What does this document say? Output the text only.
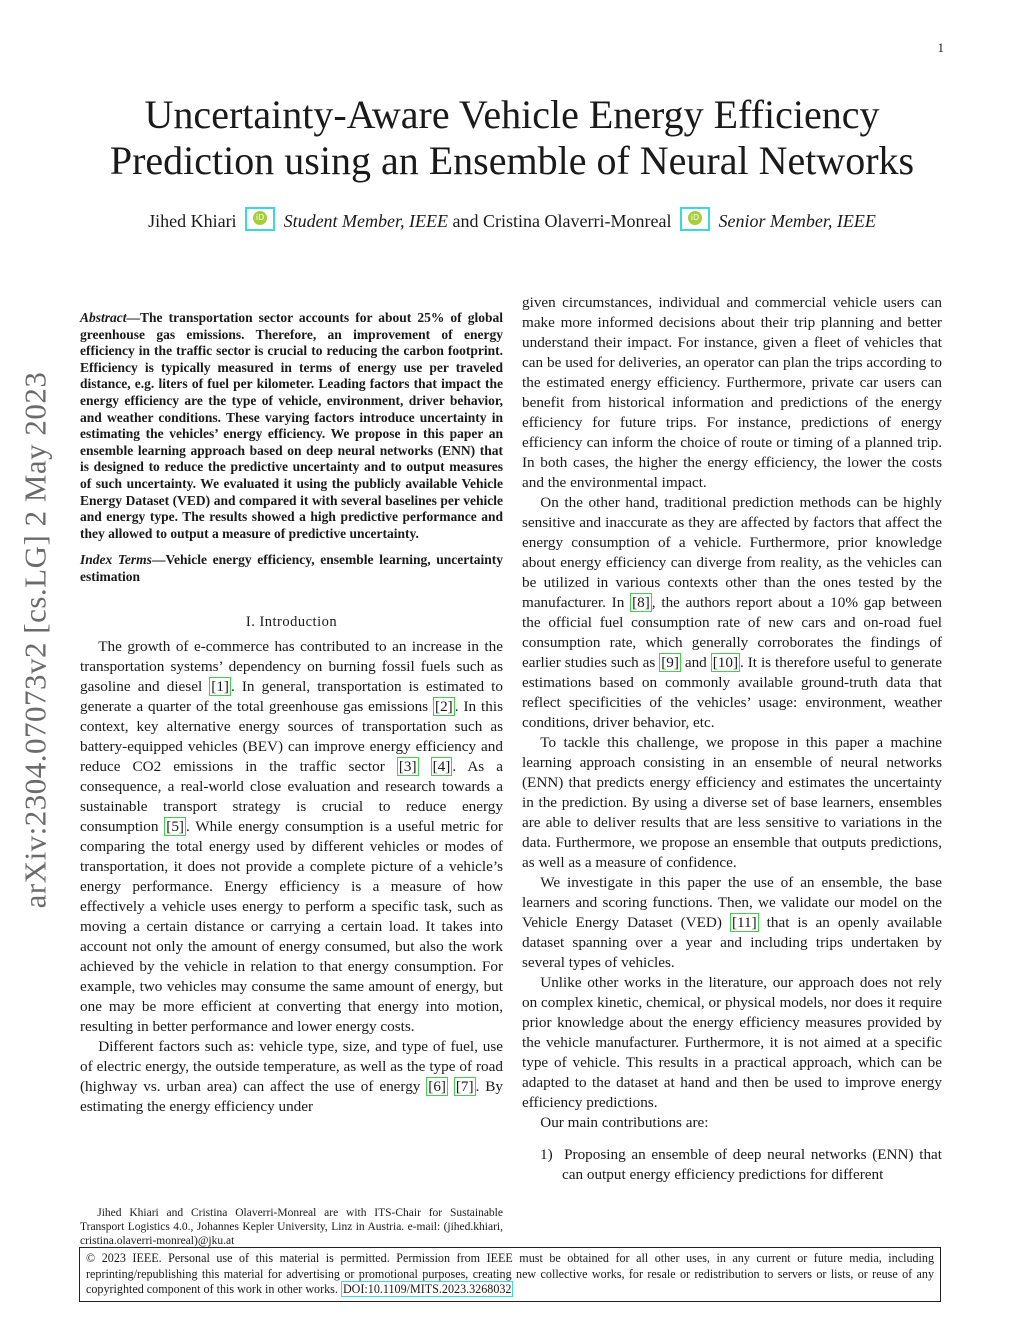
1
arXiv:2304.07073v2 [cs.LG] 2 May 2023
Uncertainty-Aware Vehicle Energy Efficiency
Prediction using an Ensemble of Neural Networks
Jihed Khiari iD	Student Member, IEEE and Cristina Olaverri-Monreal iD	Senior Member, IEEE

Abstract—The transportation sector accounts for about 25% of global greenhouse gas emissions. Therefore, an improvement of energy efficiency in the traffic sector is crucial to reducing the carbon footprint. Efficiency is typically measured in terms of energy use per traveled distance, e.g. liters of fuel per kilometer. Leading factors that impact the energy efficiency are the type of vehicle, environment, driver behavior, and weather conditions. These varying factors introduce uncertainty in estimating the vehicles’ energy efficiency. We propose in this paper an ensemble learning approach based on deep neural networks (ENN) that is designed to reduce the predictive uncertainty and to output measures of such uncertainty. We evaluated it using the publicly available Vehicle Energy Dataset (VED) and compared it with several baselines per vehicle and energy type. The results showed a high predictive performance and they allowed to output a measure of predictive uncertainty.

Index Terms—Vehicle energy efficiency, ensemble learning, uncertainty estimation

I. Introduction

The growth of e-commerce has contributed to an increase in the transportation systems’ dependency on burning fossil fuels such as gasoline and diesel [1] . In general, transportation is estimated to generate a quarter of the total greenhouse gas emissions [2] . In this context, key alternative energy sources of transportation such as battery-equipped vehicles (BEV) can improve energy efficiency and reduce CO2 emissions in the traffic sector [3] [4] . As a consequence, a real-world close evaluation and research towards a sustainable transport strategy is crucial to reduce energy consumption [5] . While energy consumption is a useful metric for comparing the total energy used by different vehicles or modes of transportation, it does not provide a complete picture of a vehicle’s energy performance. Energy efficiency is a measure of how effectively a vehicle uses energy to perform a specific task, such as moving a certain distance or carrying a certain load. It takes into account not only the amount of energy consumed, but also the work achieved by the vehicle in relation to that energy consumption. For example, two vehicles may consume the same amount of energy, but one may be more efficient at converting that energy into motion, resulting in better performance and lower energy costs.

Different factors such as: vehicle type, size, and type of fuel, use of electric energy, the outside temperature, as well as the type of road (highway vs. urban area) can affect the use of energy [6] [7] . By estimating the energy efficiency under

Jihed Khiari and Cristina Olaverri-Monreal are with ITS-Chair for Sustainable Transport Logistics 4.0., Johannes Kepler University, Linz in Austria. e-mail: (jihed.khiari, cristina.olaverri-monreal)@jku.at

given circumstances, individual and commercial vehicle users can make more informed decisions about their trip planning and better understand their impact. For instance, given a fleet of vehicles that can be used for deliveries, an operator can plan the trips according to the estimated energy efficiency. Furthermore, private car users can benefit from historical information and predictions of the energy efficiency for future trips. For instance, predictions of energy efficiency can inform the choice of route or timing of a planned trip. In both cases, the higher the energy efficiency, the lower the costs and the environmental impact.

On the other hand, traditional prediction methods can be highly sensitive and inaccurate as they are affected by factors that affect the energy consumption of a vehicle. Furthermore, prior knowledge about energy efficiency can diverge from reality, as the vehicles can be utilized in various contexts other than the ones tested by the manufacturer. In [8] , the authors report about a 10% gap between the official fuel consumption rate of new cars and on-road fuel consumption rate, which generally corroborates the findings of earlier studies such as [9] and [10] . It is therefore useful to generate estimations based on commonly available ground-truth data that reflect specificities of the vehicles’ usage: environment, weather conditions, driver behavior, etc.

To tackle this challenge, we propose in this paper a machine learning approach consisting in an ensemble of neural networks (ENN) that predicts energy efficiency and estimates the uncertainty in the prediction. By using a diverse set of base learners, ensembles are able to deliver results that are less sensitive to variations in the data. Furthermore, we propose an ensemble that outputs predictions, as well as a measure of confidence.

We investigate in this paper the use of an ensemble, the base learners and scoring functions. Then, we validate our model on the Vehicle Energy Dataset (VED) [11] that is an openly available dataset spanning over a year and including trips undertaken by several types of vehicles.

Unlike other works in the literature, our approach does not rely on complex kinetic, chemical, or physical models, nor does it require prior knowledge about the energy efficiency measures provided by the vehicle manufacturer. Furthermore, it is not aimed at a specific type of vehicle. This results in a practical approach, which can be adapted to the dataset at hand and then be used to improve energy efficiency predictions.

Our main contributions are:

1) Proposing an ensemble of deep neural networks (ENN) that can output energy efficiency predictions for different

© 2023 IEEE. Personal use of this material is permitted. Permission from IEEE must be obtained for all other uses, in any current or future media, including reprinting/republishing this material for advertising or promotional purposes, creating new collective works, for resale or redistribution to servers or lists, or reuse of any copyrighted component of this work in other works. DOI:10.1109/MITS.2023.3268032
